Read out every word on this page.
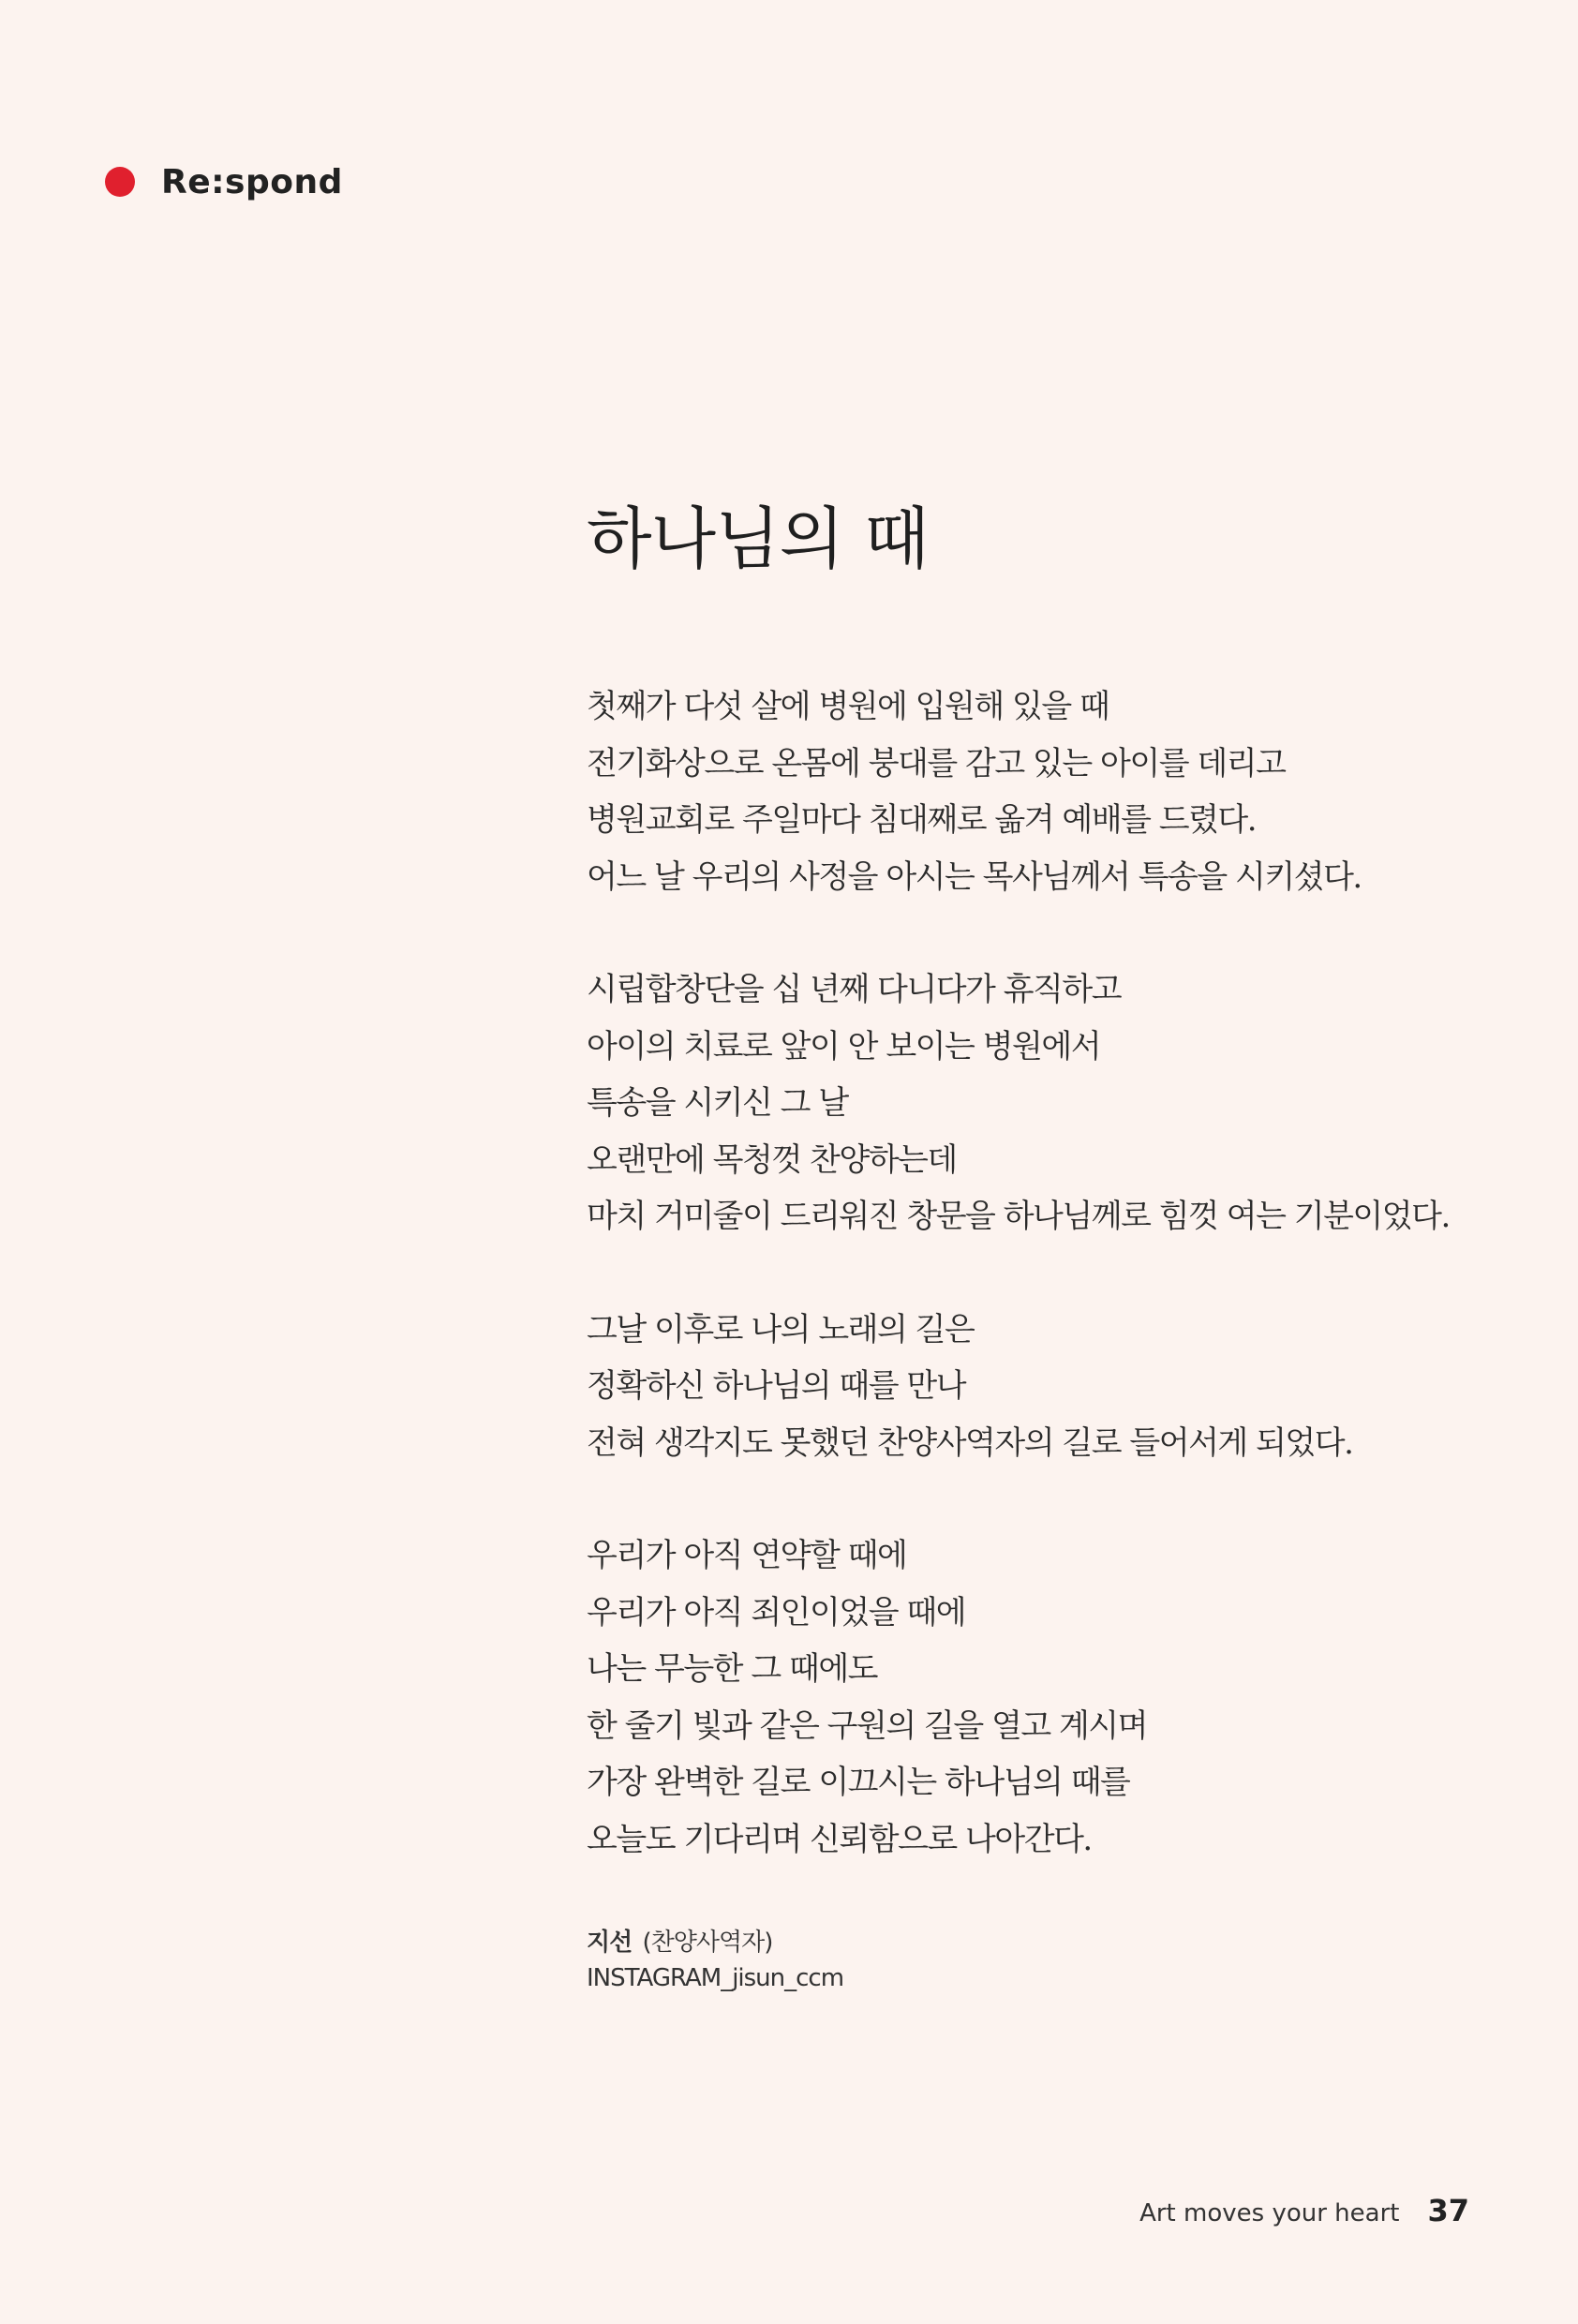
Re:spond
하나님의 때
첫째가 다섯 살에 병원에 입원해 있을 때
전기화상으로 온몸에 붕대를 감고 있는 아이를 데리고
병원교회로 주일마다 침대째로 옮겨 예배를 드렸다.
어느 날 우리의 사정을 아시는 목사님께서 특송을 시키셨다.
시립합창단을 십 년째 다니다가 휴직하고
아이의 치료로 앞이 안 보이는 병원에서
특송을 시키신 그 날
오랜만에 목청껏 찬양하는데
마치 거미줄이 드리워진 창문을 하나님께로 힘껏 여는 기분이었다.
그날 이후로 나의 노래의 길은
정확하신 하나님의 때를 만나
전혀 생각지도 못했던 찬양사역자의 길로 들어서게 되었다.
우리가 아직 연약할 때에
우리가 아직 죄인이었을 때에
나는 무능한 그 때에도
한 줄기 빛과 같은 구원의 길을 열고 계시며
가장 완벽한 길로 이끄시는 하나님의 때를
오늘도 기다리며 신뢰함으로 나아간다.
지선 (찬양사역자)
INSTAGRAM_jisun_ccm
Art moves your heart 37
